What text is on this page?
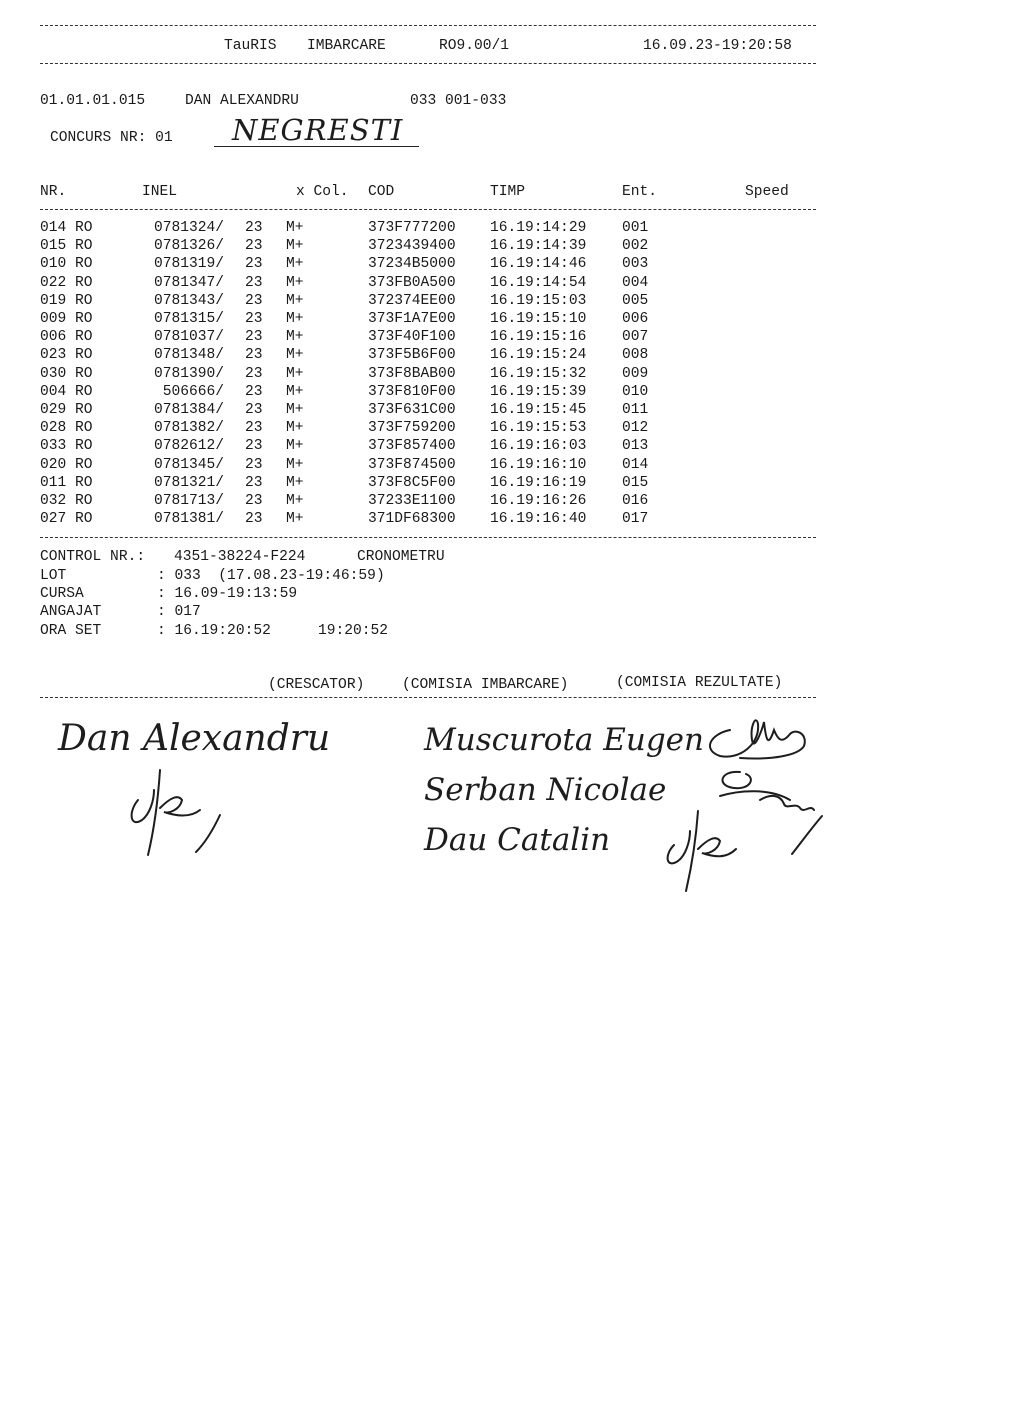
TauRIS IMBARCARE	RO9.00/1	16.09.23-19:20:58
01.01.01.015	DAN ALEXANDRU	033 001-033
CONCURS NR: 01 NEGRESTI
NR.	INEL	x Col. COD	TIMP	Ent.	Speed
014 RO	0781324/ 23 M+	373F777200 16.19:14:29 001
015 RO	0781326/ 23 M+	3723439400 16.19:14:39 002
010 RO	0781319/ 23 M+	37234B5000 16.19:14:46 003
022 RO	0781347/ 23 M+	373FB0A500 16.19:14:54 004
019 RO	0781343/ 23 M+	372374EE00 16.19:15:03 005
009 RO	0781315/ 23 M+	373F1A7E00 16.19:15:10 006
006 RO	0781037/ 23 M+	373F40F100 16.19:15:16 007
023 RO	0781348/ 23 M+	373F5B6F00 16.19:15:24 008
030 RO	0781390/ 23 M+	373F8BAB00 16.19:15:32 009
004 RO	506666/ 23 M+	373F810F00 16.19:15:39 010
029 RO	0781384/ 23 M+	373F631C00 16.19:15:45 011
028 RO	0781382/ 23 M+	373F759200 16.19:15:53 012
033 RO	0782612/ 23 M+	373F857400 16.19:16:03 013
020 RO	0781345/ 23 M+	373F874500 16.19:16:10 014
011 RO	0781321/ 23 M+	373F8C5F00 16.19:16:19 015
032 RO	0781713/ 23 M+	37233E1100 16.19:16:26 016
027 RO	0781381/ 23 M+	371DF68300 16.19:16:40 017
CONTROL NR.: 4351-38224-F224	CRONOMETRU
LOT	: 033  (17.08.23-19:46:59)
CURSA	: 16.09-19:13:59
ANGAJAT	: 017
ORA SET	: 16.19:20:52	19:20:52
(CRESCATOR)	(COMISIA IMBARCARE)	(COMISIA REZULTATE)
Dan Alexandru	Muscurota Eugen
Serban Nicolae
Dau Catalin
